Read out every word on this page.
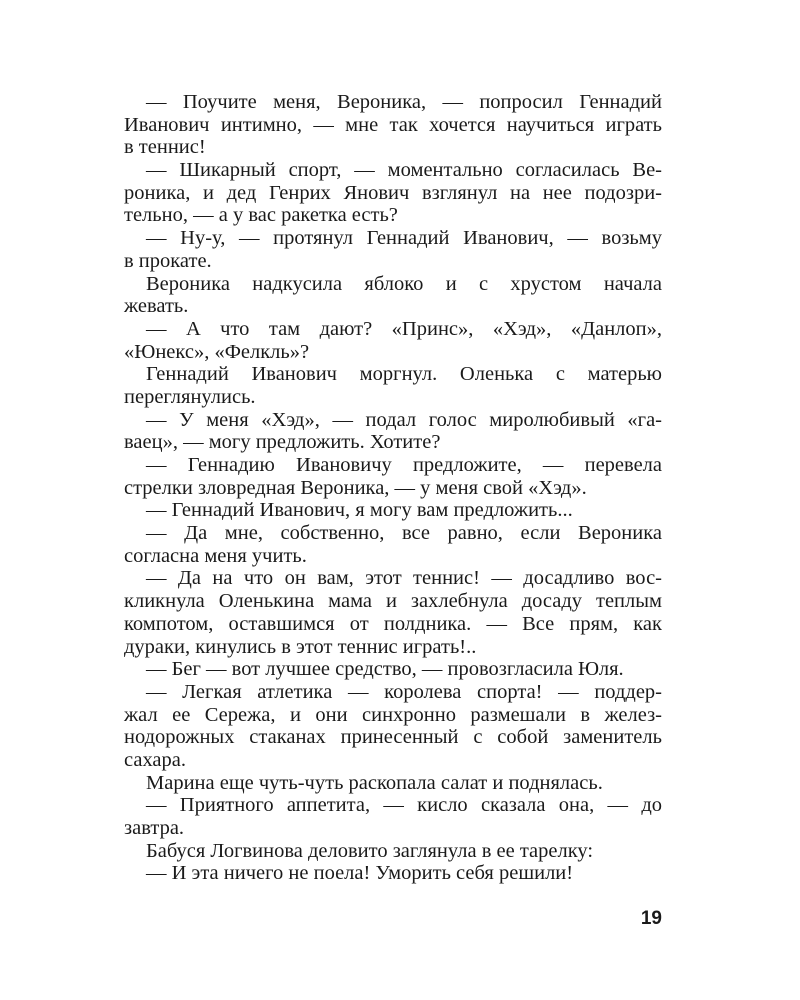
— Поучите меня, Вероника, — попросил Геннадий
Иванович интимно, — мне так хочется научиться играть
в теннис!
— Шикарный спорт, — моментально согласилась Ве-
роника, и дед Генрих Янович взглянул на нее подозри-
тельно, — а у вас ракетка есть?
— Ну-у, — протянул Геннадий Иванович, — возьму
в прокате.
Вероника надкусила яблоко и с хрустом начала
жевать.
— А что там дают? «Принс», «Хэд», «Данлоп»,
«Юнекс», «Фелкль»?
Геннадий Иванович моргнул. Оленька с матерью
переглянулись.
— У меня «Хэд», — подал голос миролюбивый «га-
ваец», — могу предложить. Хотите?
— Геннадию Ивановичу предложите, — перевела
стрелки зловредная Вероника, — у меня свой «Хэд».
— Геннадий Иванович, я могу вам предложить...
— Да мне, собственно, все равно, если Вероника
согласна меня учить.
— Да на что он вам, этот теннис! — досадливо вос-
кликнула Оленькина мама и захлебнула досаду теплым
компотом, оставшимся от полдника. — Все прям, как
дураки, кинулись в этот теннис играть!..
— Бег — вот лучшее средство, — провозгласила Юля.
— Легкая атлетика — королева спорта! — поддер-
жал ее Сережа, и они синхронно размешали в желез-
нодорожных стаканах принесенный с собой заменитель
сахара.
Марина еще чуть-чуть раскопала салат и поднялась.
— Приятного аппетита, — кисло сказала она, — до
завтра.
Бабуся Логвинова деловито заглянула в ее тарелку:
— И эта ничего не поела! Уморить себя решили!
19
